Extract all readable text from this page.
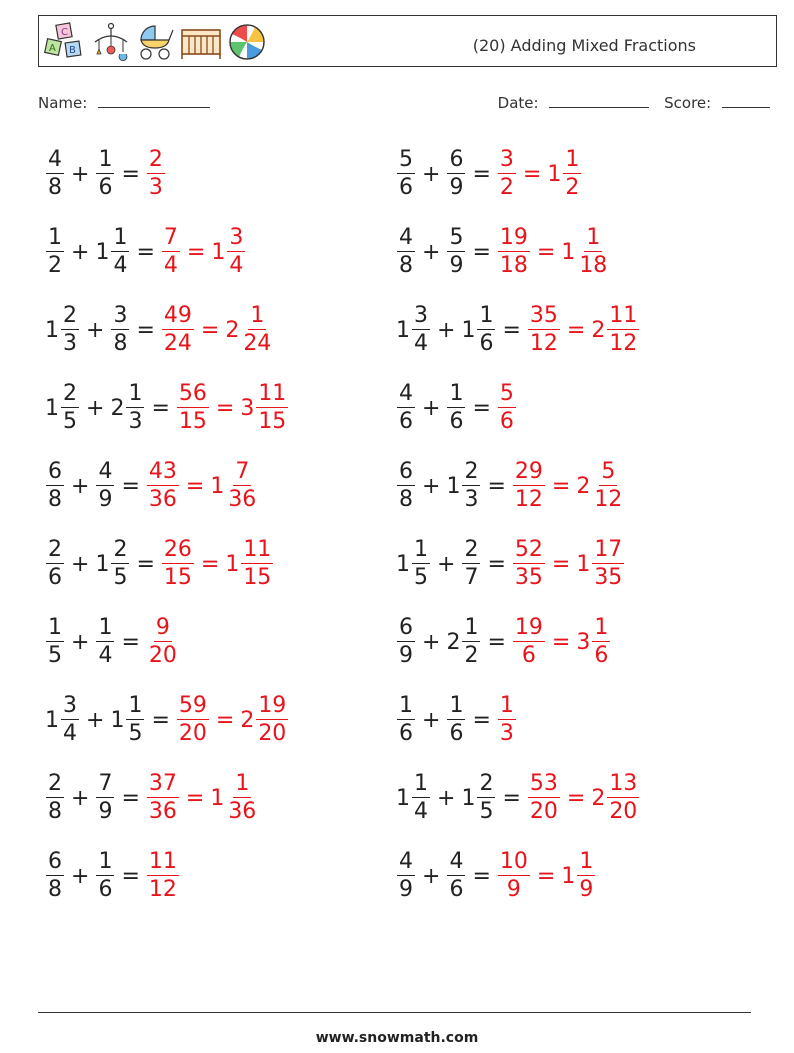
C
A B	(20) Adding Mixed Fractions
Name:	Date:	Score:
$\frac{4}{8} + \frac{1}{6} = \frac{2}{3}$
$\frac{1}{2} + 1 \frac{1}{4} = \frac{7}{4} = 1 \frac{3}{4}$
$1 \frac{2}{3} + \frac{3}{8} = \frac{49}{24} = 2 \frac{1}{24}$
$1 \frac{2}{5} + 2 \frac{1}{3} = \frac{56}{15} = 3 \frac{11}{15}$
$\frac{6}{8} + \frac{4}{9} = \frac{43}{36} = 1 \frac{7}{36}$
$\frac{2}{6} + 1 \frac{2}{5} = \frac{26}{15} = 1 \frac{11}{15}$
$\frac{1}{5} + \frac{1}{4} = \frac{9}{20}$
$1 \frac{3}{4} + 1 \frac{1}{5} = \frac{59}{20} = 2 \frac{19}{20}$
$\frac{2}{8} + \frac{7}{9} = \frac{37}{36} = 1 \frac{1}{36}$
$\frac{6}{8} + \frac{1}{6} = \frac{11}{12}$
$\frac{5}{6} + \frac{6}{9} = \frac{3}{2} = 1 \frac{1}{2}$
$\frac{4}{8} + \frac{5}{9} = \frac{19}{18} = 1 \frac{1}{18}$
$1 \frac{3}{4} + 1 \frac{1}{6} = \frac{35}{12} = 2 \frac{11}{12}$
$\frac{4}{6} + \frac{1}{6} = \frac{5}{6}$
$\frac{6}{8} + 1 \frac{2}{3} = \frac{29}{12} = 2 \frac{5}{12}$
$1 \frac{1}{5} + \frac{2}{7} = \frac{52}{35} = 1 \frac{17}{35}$
$\frac{6}{9} + 2 \frac{1}{2} = \frac{19}{6} = 3 \frac{1}{6}$
$\frac{1}{6} + \frac{1}{6} = \frac{1}{3}$
$1 \frac{1}{4} + 1 \frac{2}{5} = \frac{53}{20} = 2 \frac{13}{20}$
$\frac{4}{9} + \frac{4}{6} = \frac{10}{9} = 1 \frac{1}{9}$
www.snowmath.com
